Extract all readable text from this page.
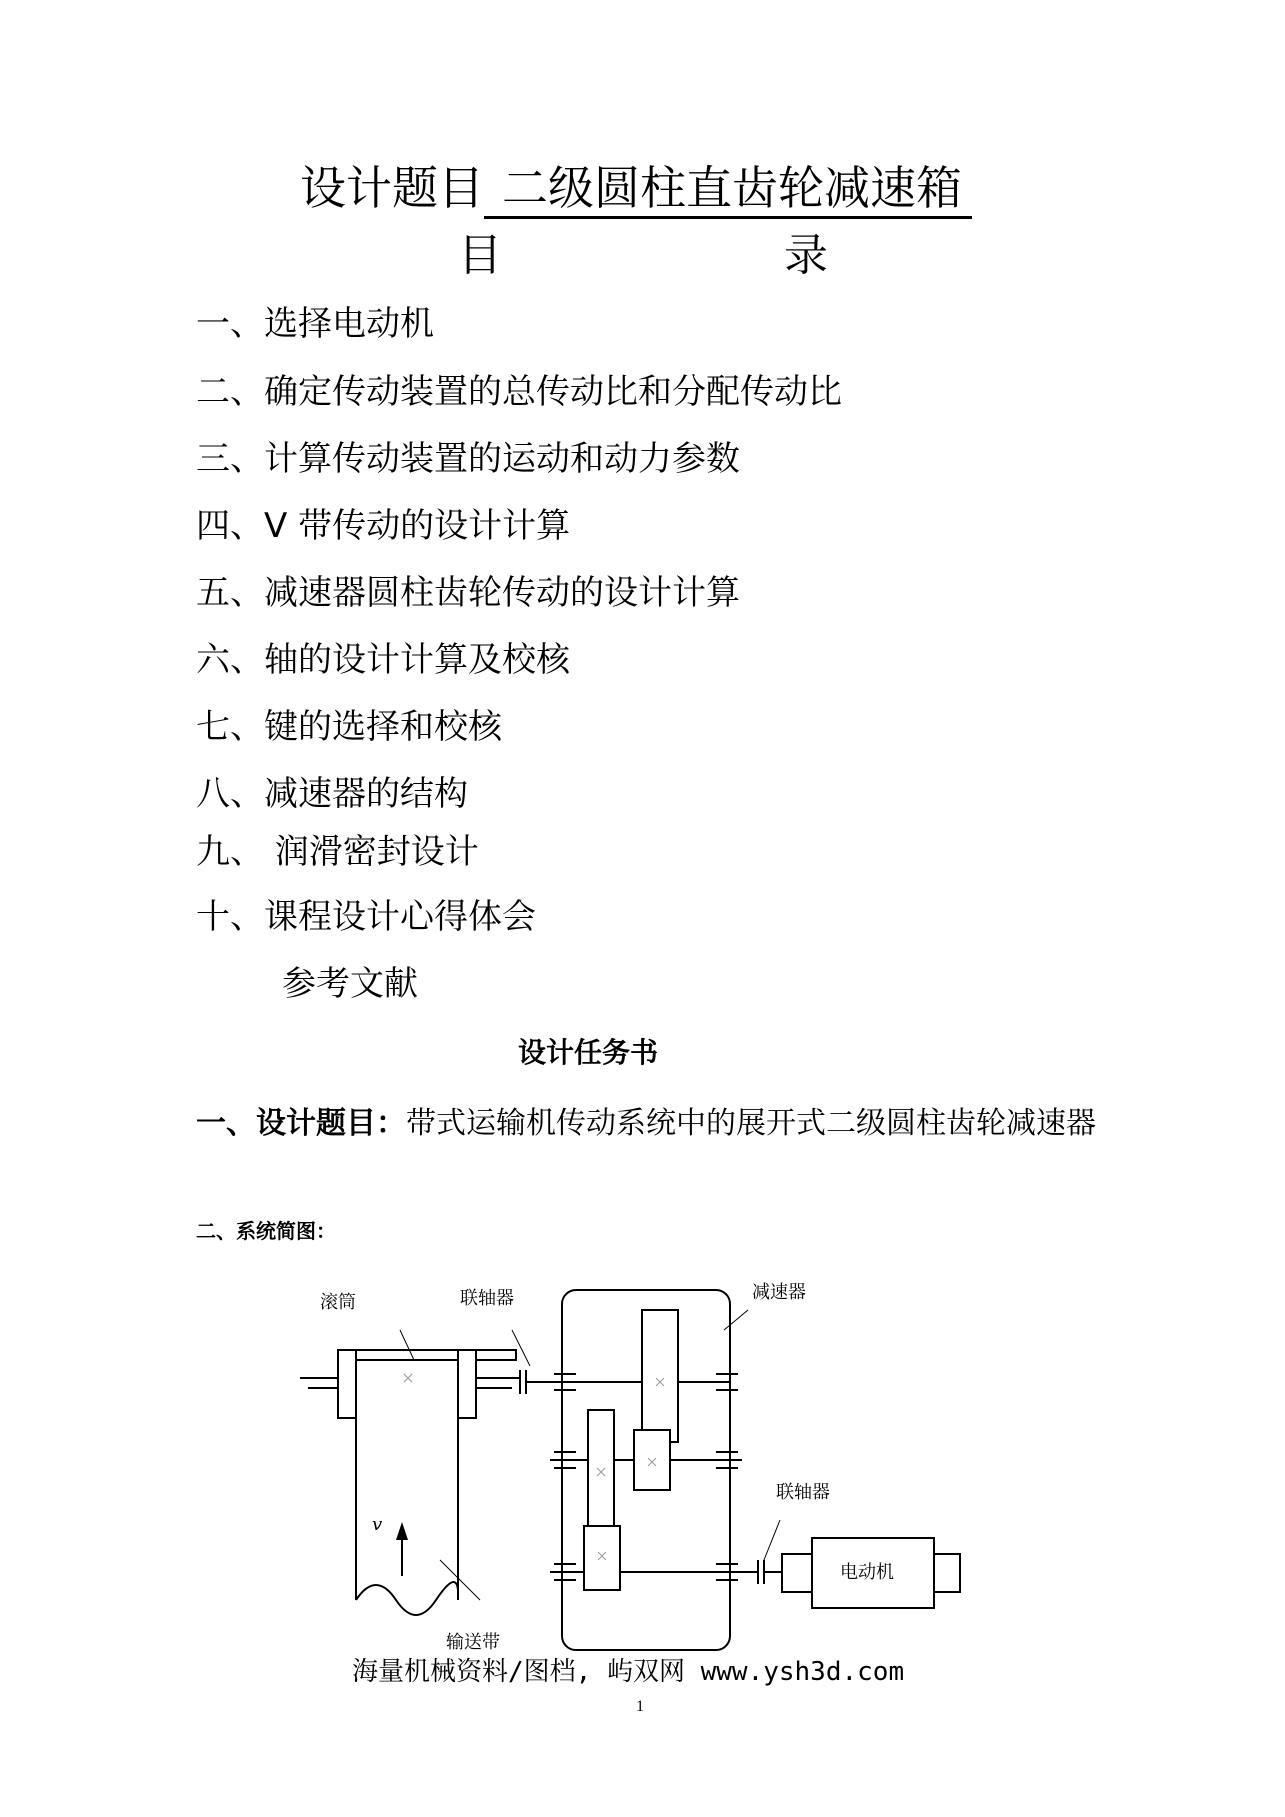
设计题目 二级圆柱直齿轮减速箱
目	录
一、选择电动机
二、确定传动装置的总传动比和分配传动比
三、计算传动装置的运动和动力参数
四、V 带传动的设计计算
五、减速器圆柱齿轮传动的设计计算
六、轴的设计计算及校核
七、键的选择和校核
八、减速器的结构
九、 润滑密封设计
十、课程设计心得体会
参考文献
设计任务书
一、设计题目：带式运输机传动系统中的展开式二级圆柱齿轮减速器
二、系统简图：
滚筒	联轴器	减速器
联轴器
电动机
输送带
v
海量机械资料/图档, 屿双网 www.ysh3d.com
1
